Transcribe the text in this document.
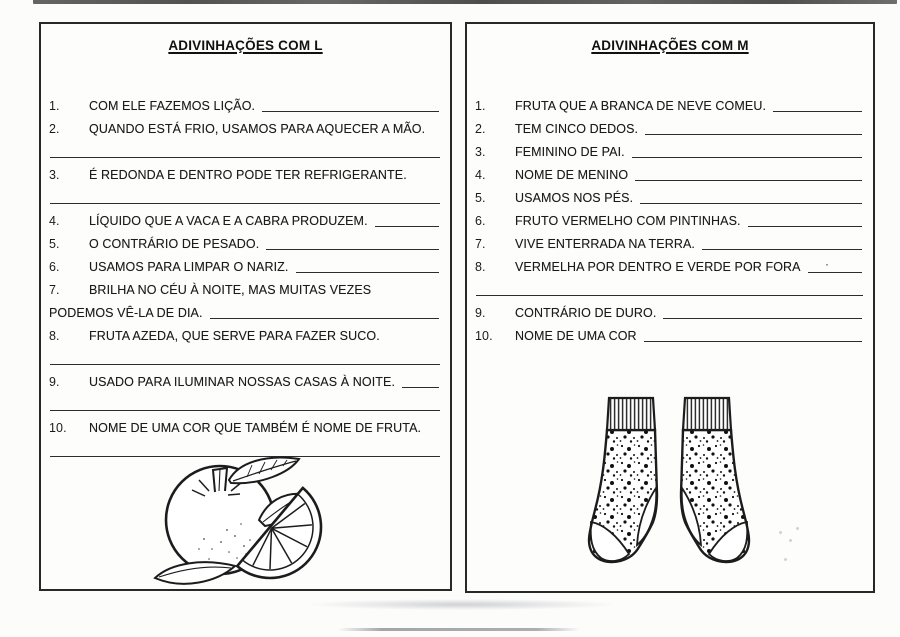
ADIVINHAÇÕES COM L
1.	COM ELE FAZEMOS LIÇÃO.
2.	QUANDO ESTÁ FRIO, USAMOS PARA AQUECER A MÃO.
3.	É REDONDA E DENTRO PODE TER REFRIGERANTE.
4.	LÍQUIDO QUE A VACA E A CABRA PRODUZEM.
5.	O CONTRÁRIO DE PESADO.
6.	USAMOS PARA LIMPAR O NARIZ.
7.	BRILHA NO CÉU À NOITE, MAS MUITAS VEZES
PODEMOS VÊ-LA DE DIA.
8.	FRUTA AZEDA, QUE SERVE PARA FAZER SUCO.
9.	USADO PARA ILUMINAR NOSSAS CASAS À NOITE.
10.	NOME DE UMA COR QUE TAMBÉM É NOME DE FRUTA.
ADIVINHAÇÕES COM M
1.	FRUTA QUE A BRANCA DE NEVE COMEU.
2.	TEM CINCO DEDOS.
3.	FEMININO DE PAI.
4.	NOME DE MENINO
5.	USAMOS NOS PÉS.
6.	FRUTO VERMELHO COM PINTINHAS.
7.	VIVE ENTERRADA NA TERRA.
8.	VERMELHA POR DENTRO E VERDE POR FORA ·
9.	CONTRÁRIO DE DURO.
10.	NOME DE UMA COR
